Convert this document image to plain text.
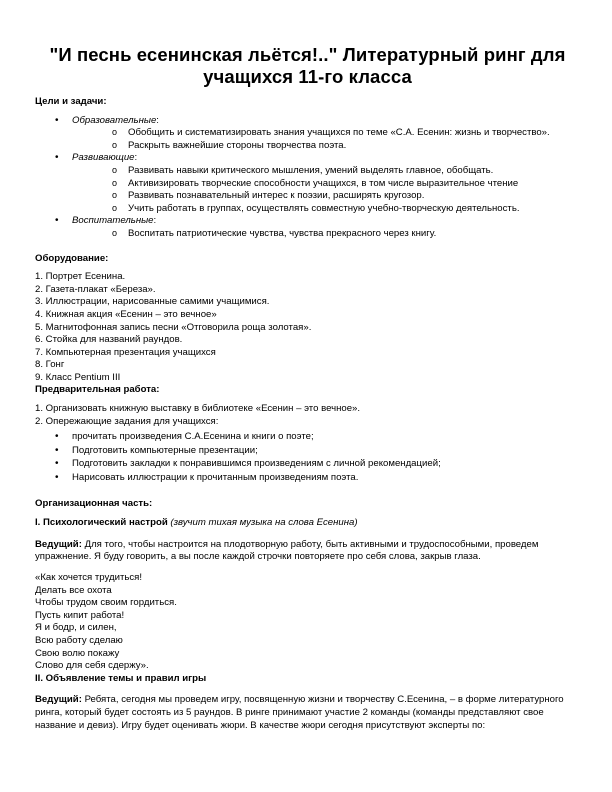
"И песнь есенинская льётся!.." Литературный ринг для
учащихся 11-го класса

Цели и задачи:

• Образовательные:
o Обобщить и систематизировать знания учащихся по теме «С.А. Есенин: жизнь и творчество».
o Раскрыть важнейшие стороны творчества поэта.
• Развивающие:
o Развивать навыки критического мышления, умений выделять главное, обобщать.
o Активизировать творческие способности учащихся, в том числе выразительное чтение
o Развивать познавательный интерес к поэзии, расширять кругозор.
o Учить работать в группах, осуществлять совместную учебно-творческую деятельность.
• Воспитательные:
o Воспитать патриотические чувства, чувства прекрасного через книгу.

Оборудование:

1. Портрет Есенина.

2. Газета-плакат «Береза».

3. Иллюстрации, нарисованные самими учащимися.

4. Книжная акция «Есенин – это вечное»

5. Магнитофонная запись песни «Отговорила роща золотая».

6. Стойка для названий раундов.

7. Компьютерная презентация учащихся

8. Гонг

9. Класс Pentium III

Предварительная работа:

1. Организовать книжную выставку в библиотеке «Есенин – это вечное».

2. Опережающие задания для учащихся:

• прочитать произведения С.А.Есенина и книги о поэте;
• Подготовить компьютерные презентации;
• Подготовить закладки к понравившимся произведениям с личной рекомендацией;
• Нарисовать иллюстрации к прочитанным произведениям поэта.

Организационная часть:

I. Психологический настрой (звучит тихая музыка на слова Есенина)

Ведущий: Для того, чтобы настроится на плодотворную работу, быть активными и трудоспособными, проведем упражнение. Я буду говорить, а вы после каждой строчки повторяете про себя слова, закрыв глаза.

«Как хочется трудиться!

Делать все охота

Чтобы трудом своим гордиться.

Пусть кипит работа!

Я и бодр, и силен,

Всю работу сделаю

Свою волю покажу

Слово для себя сдержу».

II. Объявление темы и правил игры

Ведущий: Ребята, сегодня мы проведем игру, посвященную жизни и творчеству С.Есенина, – в форме литературного ринга, который будет состоять из 5 раундов. В ринге принимают участие 2 команды (команды представляют свое название и девиз). Игру будет оценивать жюри. В качестве жюри сегодня присутствуют эксперты по:
